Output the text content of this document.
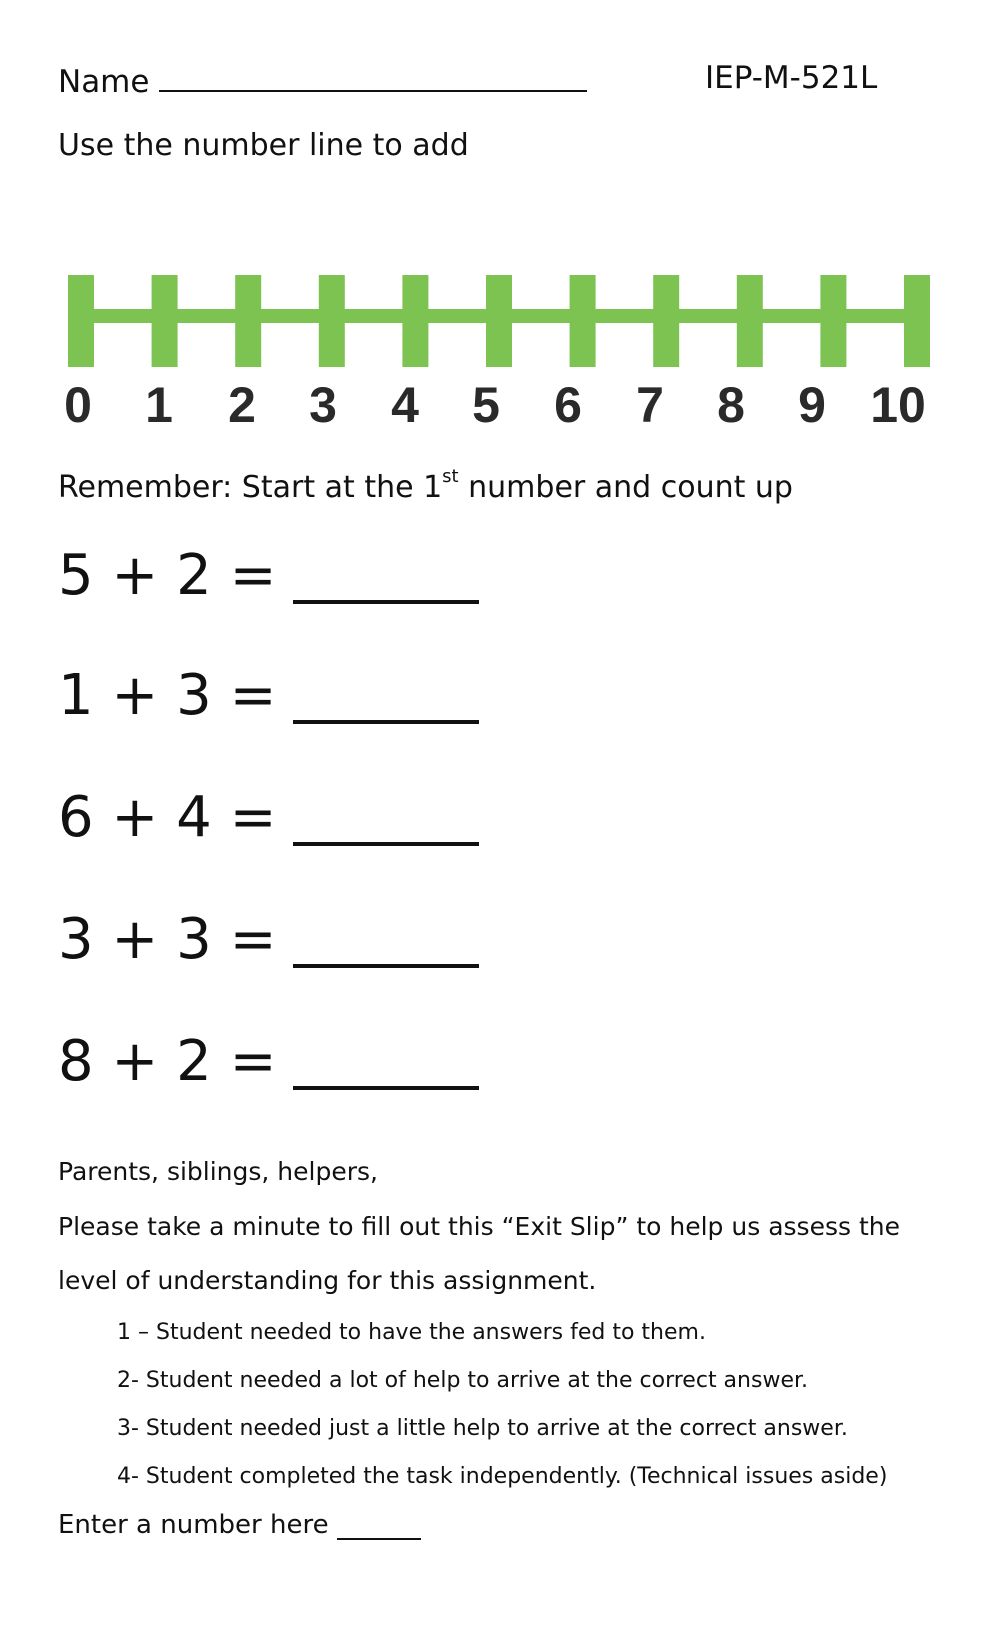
Name	IEP-M-521L
Use the number line to add
0 1 2 3 4 5 6 7 8 9 10
Remember: Start at the 1st number and count up
5 + 2 =
1 + 3 =
6 + 4 =
3 + 3 =
8 + 2 =
Parents, siblings, helpers,
Please take a minute to fill out this “Exit Slip” to help us assess the
level of understanding for this assignment.
1 – Student needed to have the answers fed to them.
2- Student needed a lot of help to arrive at the correct answer.
3- Student needed just a little help to arrive at the correct answer.
4- Student completed the task independently. (Technical issues aside)
Enter a number here
